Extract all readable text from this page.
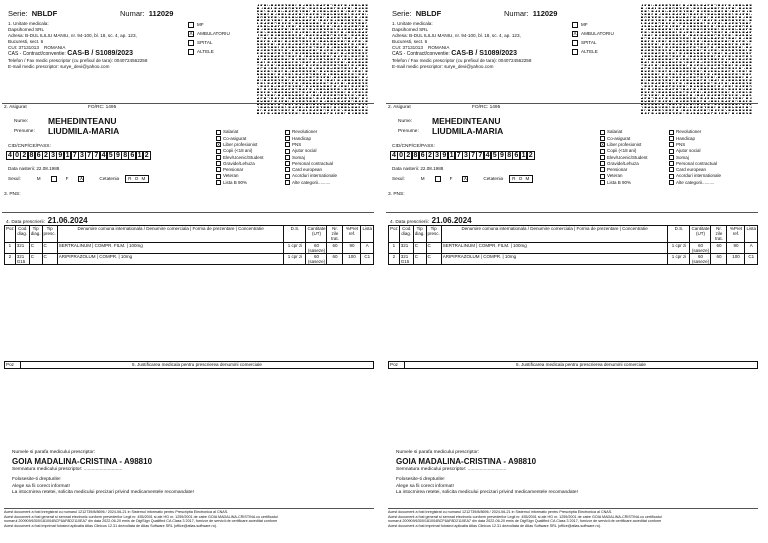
Serie: NBLDF	Numar: 112029
1. Unitate medicala:
Dapsihomed SRL
Adresa: B-DUL ILILIU MANIU, nr. 94-100, bl. 18, sc. 4, ap. 123,
Bucuresti, sect. 6
CUI: 37131013 ROMANIA
CAS - Contract/conventie: CAS-B / S1089/2023
Telefon / Fax medic prescriptor (cu prefixul de tara): 0040724562258
E-mail medic prescriptor: surye_devi@yahoo.com
MF
X AMBULATORIU
SPITAL
ALTELE
2. Asigurat	FO/RC: 1495
Nume: MEHEDINTEANU
Prenume: LIUDMILA-MARIA
CID/CNP/CE/PASS:
4 0 2 8 6 2 3 9 1 7 3 7 7 4 5 9 8 6 1 2
Data nasterii: 22.08.1988
Sexul:	M	F X	Cetatenia	R O M
3. PNS:
Salariat
Co-asigurat
X Liber profesionist
Copii (<18 ani)
Elev/Ucenic/Student
Gravide/Lehuza
Pensionar
Veteran
Lista B 90%
Revolutioner
Handicap
PNS
Ajutor social
Somaj
Personal contractual
Card european
Acorduri internationale
Alte categorii..........
4. Data prescrierii: 21.06.2024
Poz	Cod diag.	Tip diag.	Tip presc.	Denumire comuna internationala / Denumire comerciala | Forma de prezentare | Concentratie	D.S.	Cantitate (UT)	Nr. zile trat.	%Pret ref.	Lista
1	321	C	C	SERTRALINUM | COMPR. FILM. | 100mg	1 cpr zi	60 (saseze)	60	90	A
2	321 G15	C	C	ARIPIPRAZOLUM | COMPR. | 10mg	1 cpr zi	60 (saseze)	60	100	C1
Poz	5. Justificarea medicala pentru prescrierea denumirii comerciale
Numele si parafa medicului prescriptor:
GOIA MADALINA-CRISTINA - A98810
Semnatura medicului prescriptor: .............................
Folosesite-ti drepturile!
Alege sa fii corect informat!
La intocmirea retetei, solicita medicului precizari privind medicamentele recomandate!
Acest document a fost inregistrat cu numarul 1212739/8/8696 / 2024-06-21 in Sistemul Informatic pentru Prescriptia Electronica al CNAS.
Acest document a fost generat si semnat electronic conform prevederilor Legii nr. 455/2001 si ale HG nr. 1259/2001 de catre GOIA MADALINA-CRISTINA cu certificatul
numarul 200909/6300/181004BCF6AF8D2110EA7 din data 2022-06-20 emis de DigiSign Qualified CA Class 3 2017, furnizor de servicii de certificare acreditat conform
Acest document a fost imprimat folosind aplicatia Atlas Clinicus 12.31 dezvoltata de Atlas Software SRL (office@atlas-software.ro).
Serie: NBLDF	Numar: 112029
1. Unitate medicala:
Dapsihomed SRL
Adresa: B-DUL ILILIU MANIU, nr. 94-100, bl. 18, sc. 4, ap. 123,
Bucuresti, sect. 6
CUI: 37131013 ROMANIA
CAS - Contract/conventie: CAS-B / S1089/2023
Telefon / Fax medic prescriptor (cu prefixul de tara): 0040724562258
E-mail medic prescriptor: surye_devi@yahoo.com
MF
X AMBULATORIU
SPITAL
ALTELE
2. Asigurat	FO/RC: 1495
Nume: MEHEDINTEANU
Prenume: LIUDMILA-MARIA
CID/CNP/CE/PASS:
4 0 2 8 6 2 3 9 1 7 3 7 7 4 5 9 8 6 1 2
Data nasterii: 22.08.1988
Sexul:	M	F X	Cetatenia	R O M
3. PNS:
Salariat
Co-asigurat
X Liber profesionist
Copii (<18 ani)
Elev/Ucenic/Student
Gravide/Lehuza
Pensionar
Veteran
Lista B 90%
Revolutioner
Handicap
PNS
Ajutor social
Somaj
Personal contractual
Card european
Acorduri internationale
Alte categorii..........
4. Data prescrierii: 21.06.2024
Poz	Cod diag.	Tip diag.	Tip presc.	Denumire comuna internationala / Denumire comerciala | Forma de prezentare | Concentratie	D.S.	Cantitate (UT)	Nr. zile trat.	%Pret ref.	Lista
1	321	C	C	SERTRALINUM | COMPR. FILM. | 100mg	1 cpr zi	60 (saseze)	60	90	A
2	321 G15	C	C	ARIPIPRAZOLUM | COMPR. | 10mg	1 cpr zi	60 (saseze)	60	100	C1
Poz	5. Justificarea medicala pentru prescrierea denumirii comerciale
Numele si parafa medicului prescriptor:
GOIA MADALINA-CRISTINA - A98810
Semnatura medicului prescriptor: .............................
Folosesite-ti drepturile!
Alege sa fii corect informat!
La intocmirea retetei, solicita medicului precizari privind medicamentele recomandate!
Acest document a fost inregistrat cu numarul 1212739/8/8696 / 2024-06-21 in Sistemul Informatic pentru Prescriptia Electronica al CNAS.
Acest document a fost generat si semnat electronic conform prevederilor Legii nr. 455/2001 si ale HG nr. 1259/2001 de catre GOIA MADALINA-CRISTINA cu certificatul
numarul 200909/6300/181004BCF6AF8D2110EA7 din data 2022-06-20 emis de DigiSign Qualified CA Class 3 2017, furnizor de servicii de certificare acreditat conform
Acest document a fost imprimat folosind aplicatia Atlas Clinicus 12.31 dezvoltata de Atlas Software SRL (office@atlas-software.ro).
